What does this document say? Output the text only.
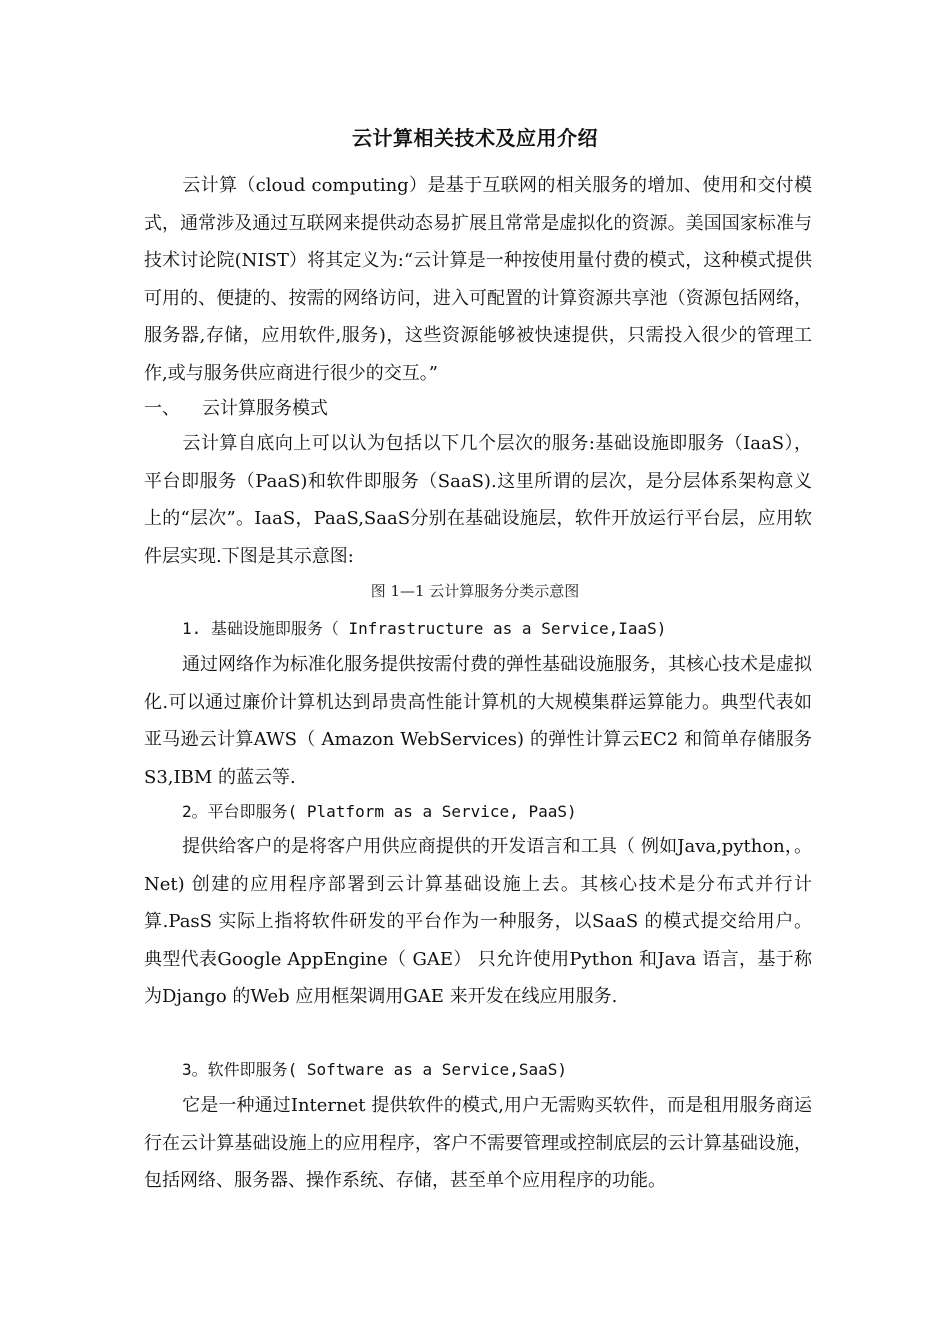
云计算相关技术及应用介绍
云计算（cloud computing）是基于互联网的相关服务的增加、使用和交付模式，通常涉及通过互联网来提供动态易扩展且常常是虚拟化的资源。美国国家标准与技术讨论院(NIST）将其定义为:“云计算是一种按使用量付费的模式，这种模式提供可用的、便捷的、按需的网络访问，进入可配置的计算资源共享池（资源包括网络，服务器,存储，应用软件,服务)，这些资源能够被快速提供，只需投入很少的管理工作,或与服务供应商进行很少的交互。”
一、 云计算服务模式
云计算自底向上可以认为包括以下几个层次的服务:基础设施即服务（IaaS），平台即服务（PaaS)和软件即服务（SaaS).这里所谓的层次，是分层体系架构意义上的“层次”。IaaS，PaaS,SaaS分别在基础设施层，软件开放运行平台层，应用软件层实现.下图是其示意图:
图 1—1 云计算服务分类示意图
1. 基础设施即服务（ Infrastructure as a Service,IaaS)
通过网络作为标准化服务提供按需付费的弹性基础设施服务，其核心技术是虚拟化.可以通过廉价计算机达到昂贵高性能计算机的大规模集群运算能力。典型代表如亚马逊云计算AWS（ Amazon WebServices) 的弹性计算云EC2 和简单存储服务S3,IBM 的蓝云等.
2。平台即服务( Platform as a Service, PaaS)
提供给客户的是将客户用供应商提供的开发语言和工具（ 例如Java,python，。Net) 创建的应用程序部署到云计算基础设施上去。其核心技术是分布式并行计算.PasS 实际上指将软件研发的平台作为一种服务，以SaaS 的模式提交给用户。 典型代表Google AppEngine（ GAE） 只允许使用Python 和Java 语言，基于称为Django 的Web 应用框架调用GAE 来开发在线应用服务.
3。软件即服务( Software as a Service,SaaS)
它是一种通过Internet 提供软件的模式,用户无需购买软件，而是租用服务商运行在云计算基础设施上的应用程序，客户不需要管理或控制底层的云计算基础设施，包括网络、服务器、操作系统、存储，甚至单个应用程序的功能。
